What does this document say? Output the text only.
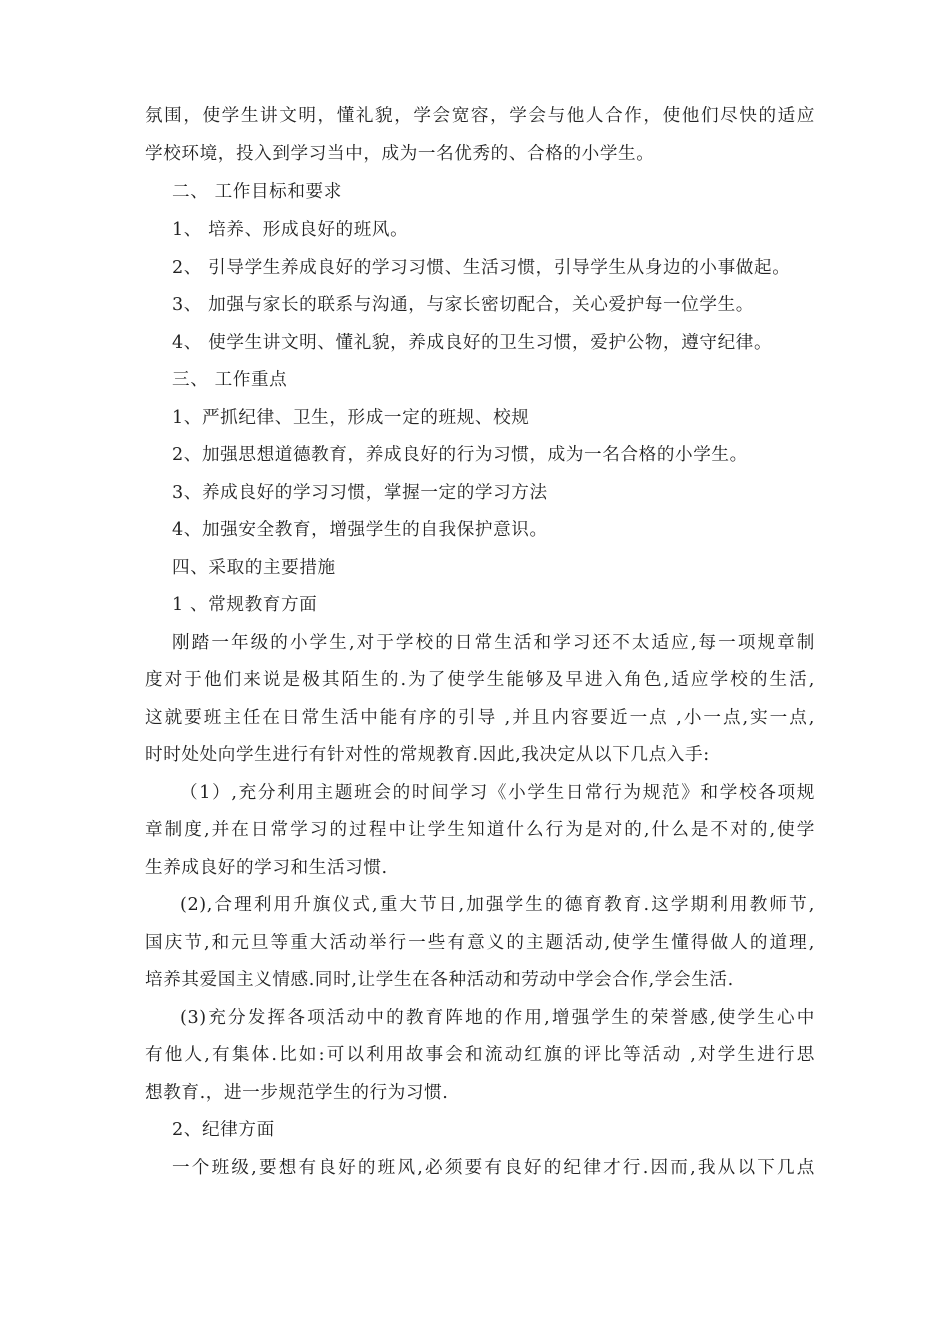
氛围，使学生讲文明，懂礼貌，学会宽容，学会与他人合作，使他们尽快的适应
学校环境，投入到学习当中，成为一名优秀的、合格的小学生。
二、 工作目标和要求
1、 培养、形成良好的班风。
2、 引导学生养成良好的学习习惯、生活习惯，引导学生从身边的小事做起。
3、 加强与家长的联系与沟通，与家长密切配合，关心爱护每一位学生。
4、 使学生讲文明、懂礼貌，养成良好的卫生习惯，爱护公物，遵守纪律。
三、 工作重点
1、严抓纪律、卫生，形成一定的班规、校规
2、加强思想道德教育，养成良好的行为习惯，成为一名合格的小学生。
3、养成良好的学习习惯，掌握一定的学习方法
4、加强安全教育，增强学生的自我保护意识。
四、采取的主要措施
1 、常规教育方面
刚踏一年级的小学生,对于学校的日常生活和学习还不太适应,每一项规章制
度对于他们来说是极其陌生的.为了使学生能够及早进入角色,适应学校的生活,
这就要班主任在日常生活中能有序的引导 ,并且内容要近一点 ,小一点,实一点,
时时处处向学生进行有针对性的常规教育.因此,我决定从以下几点入手:
（1）,充分利用主题班会的时间学习《小学生日常行为规范》和学校各项规
章制度,并在日常学习的过程中让学生知道什么行为是对的,什么是不对的,使学
生养成良好的学习和生活习惯.
(2),合理利用升旗仪式,重大节日,加强学生的德育教育.这学期利用教师节,
国庆节,和元旦等重大活动举行一些有意义的主题活动,使学生懂得做人的道理,
培养其爱国主义情感.同时,让学生在各种活动和劳动中学会合作,学会生活.
(3)充分发挥各项活动中的教育阵地的作用,增强学生的荣誉感,使学生心中
有他人,有集体.比如:可以利用故事会和流动红旗的评比等活动 ,对学生进行思
想教育.，进一步规范学生的行为习惯.
2、纪律方面
一个班级,要想有良好的班风,必须要有良好的纪律才行.因而,我从以下几点
